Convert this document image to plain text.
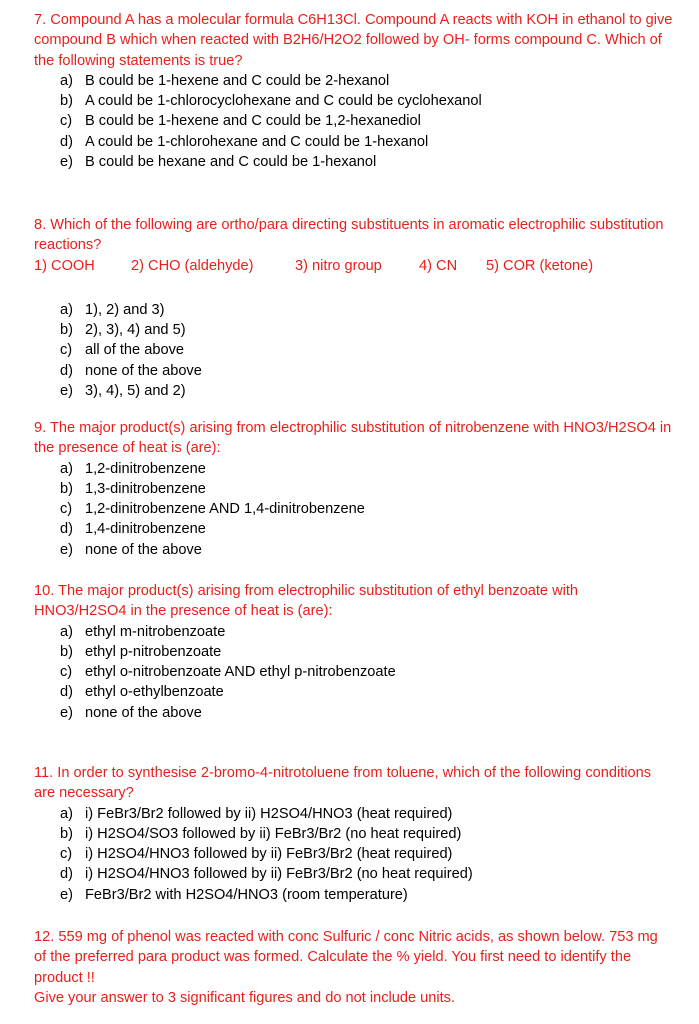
7. Compound A has a molecular formula C6H13Cl. Compound A reacts with KOH in ethanol to give compound B which when reacted with B2H6/H2O2 followed by OH- forms compound C. Which of the following statements is true?

a) B could be 1-hexene and C could be 2-hexanol
b) A could be 1-chlorocyclohexane and C could be cyclohexanol
c) B could be 1-hexene and C could be 1,2-hexanediol
d) A could be 1-chlorohexane and C could be 1-hexanol
e) B could be hexane and C could be 1-hexanol

8. Which of the following are ortho/para directing substituents in aromatic electrophilic substitution reactions?

1) COOH 2) CHO (aldehyde)	3) nitro group	4) CN 5) COR (ketone)
a) 1), 2) and 3)
b) 2), 3), 4) and 5)
c) all of the above
d) none of the above
e) 3), 4), 5) and 2)

9. The major product(s) arising from electrophilic substitution of nitrobenzene with HNO3/H2SO4 in the presence of heat is (are):

a) 1,2-dinitrobenzene
b) 1,3-dinitrobenzene
c) 1,2-dinitrobenzene AND 1,4-dinitrobenzene
d) 1,4-dinitrobenzene
e) none of the above

10. The major product(s) arising from electrophilic substitution of ethyl benzoate with HNO3/H2SO4 in the presence of heat is (are):

a) ethyl m-nitrobenzoate
b) ethyl p-nitrobenzoate
c) ethyl o-nitrobenzoate AND ethyl p-nitrobenzoate
d) ethyl o-ethylbenzoate
e) none of the above

11. In order to synthesise 2-bromo-4-nitrotoluene from toluene, which of the following conditions are necessary?

a) i) FeBr3/Br2 followed by ii) H2SO4/HNO3 (heat required)
b) i) H2SO4/SO3 followed by ii) FeBr3/Br2 (no heat required)
c) i) H2SO4/HNO3 followed by ii) FeBr3/Br2 (heat required)
d) i) H2SO4/HNO3 followed by ii) FeBr3/Br2 (no heat required)
e) FeBr3/Br2 with H2SO4/HNO3 (room temperature)

12. 559 mg of phenol was reacted with conc Sulfuric / conc Nitric acids, as shown below. 753 mg of the preferred para product was formed. Calculate the % yield. You first need to identify the product !!

Give your answer to 3 significant figures and do not include units.
